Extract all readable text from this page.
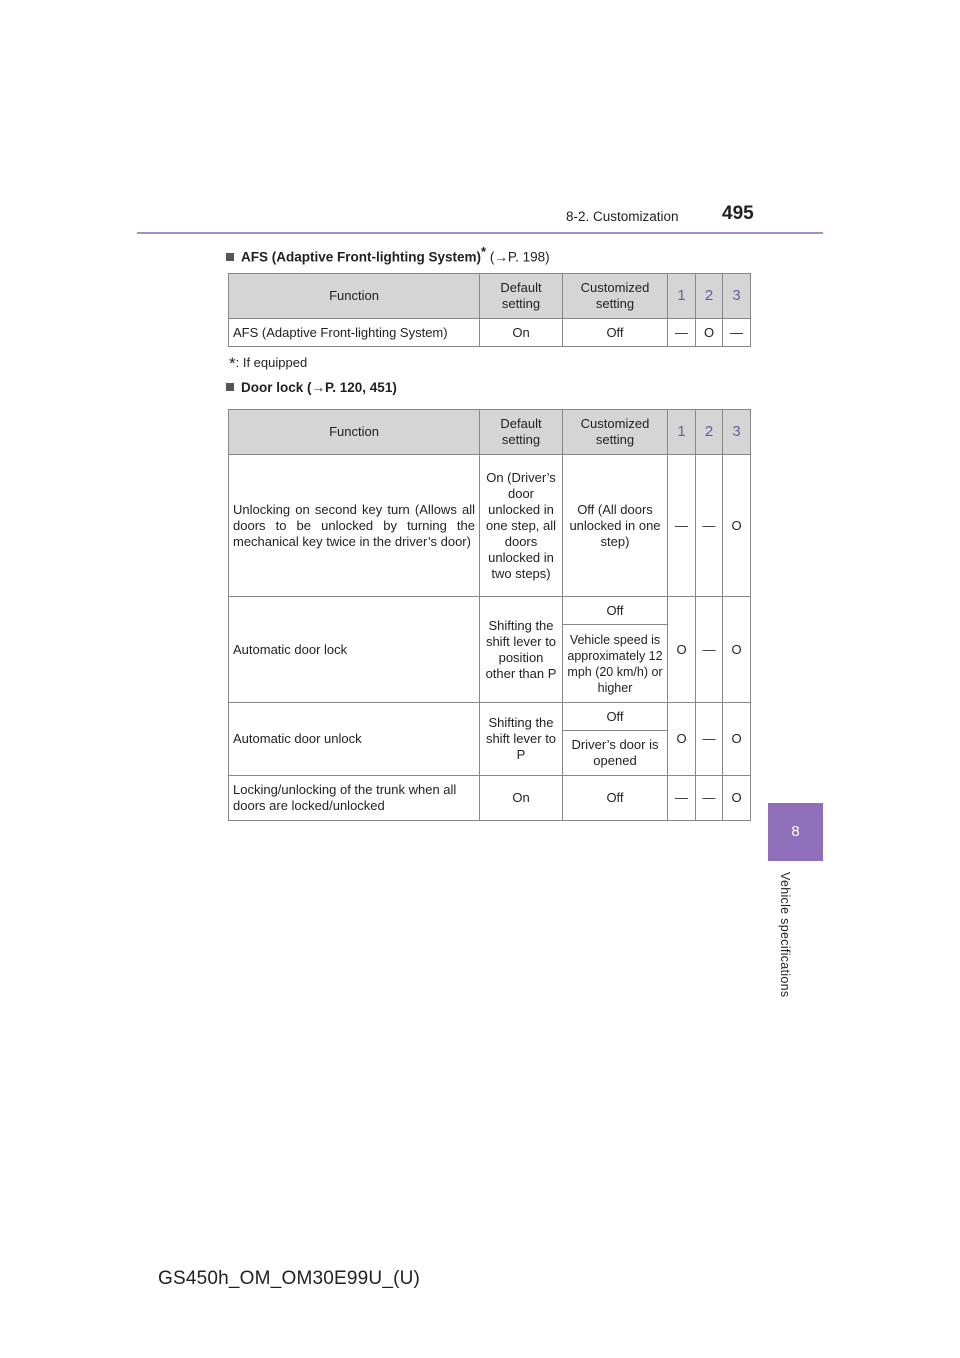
8-2. Customization 495
8
Vehicle specifications
AFS (Adaptive Front-lighting System)* (→P. 198)
Function	Default setting	Customized setting	1	2	3
AFS (Adaptive Front-lighting System)	On	Off	—	O	—
*: If equipped
Door lock (→P. 120, 451)
Function	Default setting	Customized setting	1	2	3
Unlocking on second key turn (Allows all doors to be unlocked by turning the mechanical key twice in the driver’s door)	On (Driver’s door unlocked in one step, all doors unlocked in two steps)	Off (All doors unlocked in one step)	—	—	O
Automatic door lock	Shifting the shift lever to position other than P	Off	O	—	O
		Vehicle speed is approximately 12 mph (20 km/h) or higher			
Automatic door unlock	Shifting the shift lever to P	Off	O	—	O
		Driver’s door is opened			
Locking/unlocking of the trunk when all doors are locked/unlocked	On	Off	—	—	O
GS450h_OM_OM30E99U_(U)
